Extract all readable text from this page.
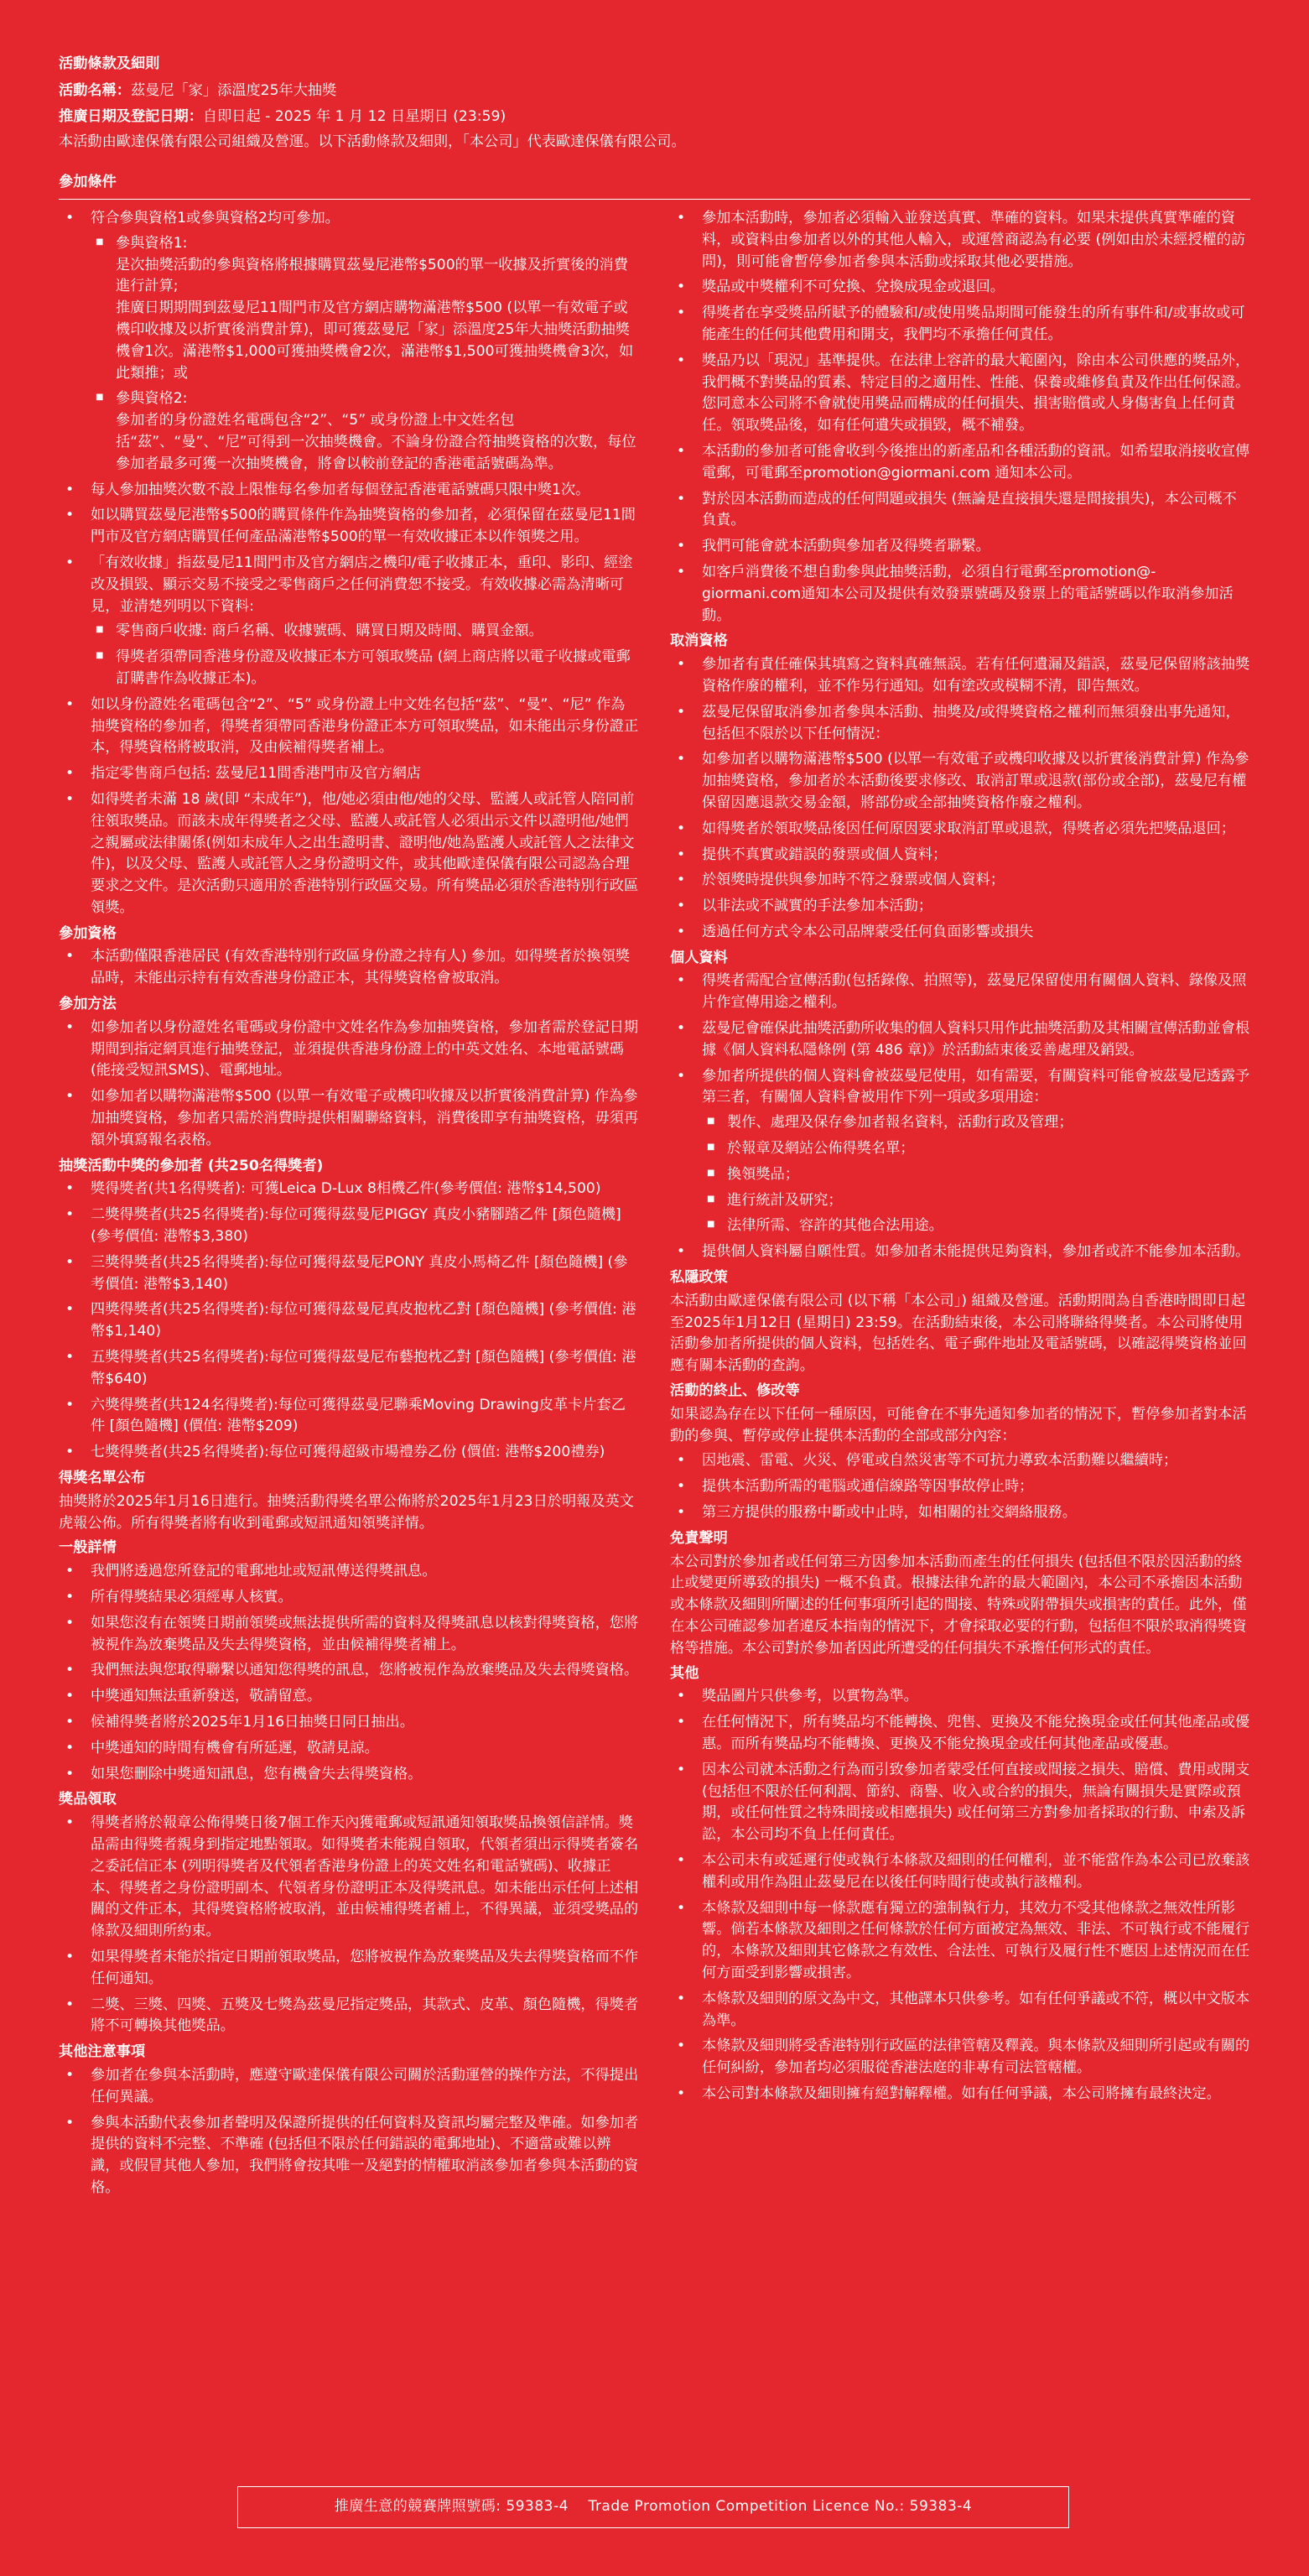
活動條款及細則

活動名稱：茲曼尼「家」添溫度25年大抽獎

推廣日期及登記日期：自即日起 - 2025 年 1 月 12 日星期日 (23:59)

本活動由歐達保儀有限公司組織及營運。以下活動條款及細則，「本公司」代表歐達保儀有限公司。

參加條件
• 符合參與資格1或參與資格2均可參加。
■ 參與資格1:
是次抽獎活動的參與資格將根據購買茲曼尼港幣$500的單一收據及折實後的消費進行計算;
推廣日期期間到茲曼尼11間門市及官方網店購物滿港幣$500 (以單一有效電子或機印收據及以折實後消費計算)，即可獲茲曼尼「家」添溫度25年大抽獎活動抽獎機會1次。滿港幣$1,000可獲抽獎機會2次，滿港幣$1,500可獲抽獎機會3次，如此類推；或
■ 參與資格2:
參加者的身份證姓名電碼包含“2”、“5” 或身份證上中文姓名包括“茲”、“曼”、“尼”可得到一次抽獎機會。不論身份證合符抽獎資格的次數，每位參加者最多可獲一次抽獎機會，將會以較前登記的香港電話號碼為準。
• 每人參加抽獎次數不設上限惟每名參加者每個登記香港電話號碼只限中獎1次。
• 如以購買茲曼尼港幣$500的購買條件作為抽獎資格的參加者，必須保留在茲曼尼11間門市及官方網店購買任何產品滿港幣$500的單一有效收據正本以作領獎之用。
• 「有效收據」指茲曼尼11間門市及官方網店之機印/電子收據正本，重印、影印、經塗改及損毀、顯示交易不接受之零售商戶之任何消費恕不接受。有效收據必需為清晰可見，並清楚列明以下資料:
■ 零售商戶收據: 商戶名稱、收據號碼、購買日期及時間、購買金額。
■ 得獎者須帶同香港身份證及收據正本方可領取獎品 (網上商店將以電子收據或電郵訂購書作為收據正本)。
• 如以身份證姓名電碼包含“2”、“5” 或身份證上中文姓名包括“茲”、“曼”、“尼” 作為抽獎資格的參加者，得獎者須帶同香港身份證正本方可領取獎品，如未能出示身份證正本，得獎資格將被取消，及由候補得獎者補上。
• 指定零售商戶包括: 茲曼尼11間香港門市及官方網店
• 如得獎者未滿 18 歲(即 “未成年”)，他/她必須由他/她的父母、監護人或託管人陪同前往領取獎品。而該未成年得獎者之父母、監護人或託管人必須出示文件以證明他/她們之親屬或法律關係(例如未成年人之出生證明書、證明他/她為監護人或託管人之法律文件)，以及父母、監護人或託管人之身份證明文件，或其他歐達保儀有限公司認為合理要求之文件。是次活動只適用於香港特別行政區交易。所有獎品必須於香港特別行政區領獎。
參加資格
• 本活動僅限香港居民 (有效香港特別行政區身份證之持有人) 參加。如得獎者於換領獎品時，未能出示持有有效香港身份證正本，其得獎資格會被取消。
參加方法
• 如參加者以身份證姓名電碼或身份證中文姓名作為參加抽獎資格，參加者需於登記日期期間到指定網頁進行抽獎登記，並須提供香港身份證上的中英文姓名、本地電話號碼(能接受短訊SMS)、電郵地址。
• 如參加者以購物滿港幣$500 (以單一有效電子或機印收據及以折實後消費計算) 作為參加抽獎資格，參加者只需於消費時提供相關聯絡資料，消費後即享有抽獎資格，毋須再額外填寫報名表格。
抽獎活動中獎的參加者 (共250名得獎者)
• 獎得獎者(共1名得獎者): 可獲Leica D-Lux 8相機乙件(參考價值: 港幣$14,500)
• 二獎得獎者(共25名得獎者):每位可獲得茲曼尼PIGGY 真皮小豬腳踏乙件 [顏色隨機] (參考價值: 港幣$3,380)
• 三獎得獎者(共25名得獎者):每位可獲得茲曼尼PONY 真皮小馬椅乙件 [顏色隨機] (參考價值: 港幣$3,140)
• 四獎得獎者(共25名得獎者):每位可獲得茲曼尼真皮抱枕乙對 [顏色隨機] (參考價值: 港幣$1,140)
• 五獎得獎者(共25名得獎者):每位可獲得茲曼尼布藝抱枕乙對 [顏色隨機] (參考價值: 港幣$640)
• 六獎得獎者(共124名得獎者):每位可獲得茲曼尼聯乘Moving Drawing皮革卡片套乙件 [顏色隨機] (價值: 港幣$209)
• 七獎得獎者(共25名得獎者):每位可獲得超級市場禮券乙份 (價值: 港幣$200禮券)
得獎名單公布

抽獎將於2025年1月16日進行。抽獎活動得獎名單公佈將於2025年1月23日於明報及英文虎報公佈。所有得獎者將有收到電郵或短訊通知領獎詳情。

一般詳情
• 我們將透過您所登記的電郵地址或短訊傳送得獎訊息。
• 所有得獎結果必須經專人核實。
• 如果您沒有在領獎日期前領獎或無法提供所需的資料及得獎訊息以核對得獎資格，您將被視作為放棄獎品及失去得獎資格，並由候補得獎者補上。
• 我們無法與您取得聯繫以通知您得獎的訊息，您將被視作為放棄獎品及失去得獎資格。
• 中獎通知無法重新發送，敬請留意。
• 候補得獎者將於2025年1月16日抽獎日同日抽出。
• 中獎通知的時間有機會有所延遲，敬請見諒。
• 如果您刪除中獎通知訊息，您有機會失去得獎資格。
獎品領取
• 得獎者將於報章公佈得獎日後7個工作天內獲電郵或短訊通知領取獎品換領信詳情。獎品需由得獎者親身到指定地點領取。如得獎者未能親自領取，代領者須出示得獎者簽名之委託信正本 (列明得獎者及代領者香港身份證上的英文姓名和電話號碼)、收據正本、得獎者之身份證明副本、代領者身份證明正本及得獎訊息。如未能出示任何上述相關的文件正本，其得獎資格將被取消，並由候補得獎者補上，不得異議，並須受獎品的條款及細則所約束。
• 如果得獎者未能於指定日期前領取獎品，您將被視作為放棄獎品及失去得獎資格而不作任何通知。
• 二獎、三獎、四獎、五獎及七獎為茲曼尼指定獎品，其款式、皮革、顏色隨機，得獎者將不可轉換其他獎品。
其他注意事項
• 參加者在參與本活動時，應遵守歐達保儀有限公司關於活動運營的操作方法，不得提出任何異議。
• 參與本活動代表參加者聲明及保證所提供的任何資料及資訊均屬完整及準確。如參加者提供的資料不完整、不準確 (包括但不限於任何錯誤的電郵地址)、不適當或難以辨識，或假冒其他人參加，我們將會按其唯一及絕對的情權取消該參加者參與本活動的資格。
• 參加本活動時，參加者必須輸入並發送真實、準確的資料。如果未提供真實準確的資料，或資料由參加者以外的其他人輸入，或運營商認為有必要 (例如由於未經授權的訪問)，則可能會暫停參加者參與本活動或採取其他必要措施。
• 獎品或中獎權利不可兌換、兌換成現金或退回。
• 得獎者在享受獎品所賦予的體驗和/或使用獎品期間可能發生的所有事件和/或事故或可能產生的任何其他費用和開支，我們均不承擔任何責任。
• 獎品乃以「現況」基準提供。在法律上容許的最大範圍內，除由本公司供應的獎品外，我們概不對獎品的質素、特定目的之適用性、性能、保養或維修負責及作出任何保證。您同意本公司將不會就使用獎品而構成的任何損失、損害賠償或人身傷害負上任何責任。領取獎品後，如有任何遺失或損毀，概不補發。
• 本活動的參加者可能會收到今後推出的新產品和各種活動的資訊。如希望取消接收宣傳電郵，可電郵至promotion@giormani.com 通知本公司。
• 對於因本活動而造成的任何問題或損失 (無論是直接損失還是間接損失)，本公司概不負責。
• 我們可能會就本活動與參加者及得獎者聯繫。
• 如客戶消費後不想自動參與此抽獎活動，必須自行電郵至promotion@-giormani.com通知本公司及提供有效發票號碼及發票上的電話號碼以作取消參加活動。
取消資格
• 參加者有責任確保其填寫之資料真確無誤。若有任何遺漏及錯誤，茲曼尼保留將該抽獎資格作廢的權利，並不作另行通知。如有塗改或模糊不清，即告無效。
• 茲曼尼保留取消參加者參與本活動、抽獎及/或得獎資格之權利而無須發出事先通知，包括但不限於以下任何情況：
• 如參加者以購物滿港幣$500 (以單一有效電子或機印收據及以折實後消費計算) 作為參加抽獎資格，參加者於本活動後要求修改、取消訂單或退款(部份或全部)，茲曼尼有權保留因應退款交易金額，將部份或全部抽獎資格作廢之權利。
• 如得獎者於領取獎品後因任何原因要求取消訂單或退款，得獎者必須先把獎品退回；
• 提供不真實或錯誤的發票或個人資料；
• 於領獎時提供與參加時不符之發票或個人資料；
• 以非法或不誠實的手法參加本活動；
• 透過任何方式令本公司品牌蒙受任何負面影響或損失
個人資料
• 得獎者需配合宣傳活動(包括錄像、拍照等)，茲曼尼保留使用有關個人資料、錄像及照片作宣傳用途之權利。
• 茲曼尼會確保此抽獎活動所收集的個人資料只用作此抽獎活動及其相關宣傳活動並會根據《個人資料私隱條例 (第 486 章)》於活動結束後妥善處理及銷毀。
• 參加者所提供的個人資料會被茲曼尼使用，如有需要，有關資料可能會被茲曼尼透露予第三者，有關個人資料會被用作下列一項或多項用途：
■ 製作、處理及保存參加者報名資料，活動行政及管理；
■ 於報章及網站公佈得獎名單；
■ 換領獎品；
■ 進行統計及研究；
■ 法律所需、容許的其他合法用途。
• 提供個人資料屬自願性質。如參加者未能提供足夠資料，參加者或許不能參加本活動。
私隱政策

本活動由歐達保儀有限公司 (以下稱「本公司」) 組織及營運。活動期間為自香港時間即日起至2025年1月12日 (星期日) 23:59。在活動結束後，本公司將聯絡得獎者。本公司將使用活動參加者所提供的個人資料，包括姓名、電子郵件地址及電話號碼，以確認得獎資格並回應有關本活動的查詢。

活動的終止、修改等

如果認為存在以下任何一種原因，可能會在不事先通知參加者的情況下，暫停參加者對本活動的參與、暫停或停止提供本活動的全部或部分內容：

• 因地震、雷電、火災、停電或自然災害等不可抗力導致本活動難以繼續時；
• 提供本活動所需的電腦或通信線路等因事故停止時；
• 第三方提供的服務中斷或中止時，如相關的社交網絡服務。
免責聲明

本公司對於參加者或任何第三方因參加本活動而產生的任何損失 (包括但不限於因活動的終止或變更所導致的損失) 一概不負責。根據法律允許的最大範圍內，本公司不承擔因本活動或本條款及細則所闡述的任何事項所引起的間接、特殊或附帶損失或損害的責任。此外，僅在本公司確認參加者違反本指南的情況下，才會採取必要的行動，包括但不限於取消得獎資格等措施。本公司對於參加者因此所遭受的任何損失不承擔任何形式的責任。

其他
• 獎品圖片只供參考，以實物為準。
• 在任何情況下，所有獎品均不能轉換、兜售、更換及不能兌換現金或任何其他產品或優惠。而所有獎品均不能轉換、更換及不能兌換現金或任何其他產品或優惠。
• 因本公司就本活動之行為而引致參加者蒙受任何直接或間接之損失、賠償、費用或開支 (包括但不限於任何利潤、節約、商譽、收入或合約的損失，無論有關損失是實際或預期，或任何性質之特殊間接或相應損失) 或任何第三方對參加者採取的行動、申索及訴訟，本公司均不負上任何責任。
• 本公司未有或延遲行使或執行本條款及細則的任何權利，並不能當作為本公司已放棄該權利或用作為阻止茲曼尼在以後任何時間行使或執行該權利。
• 本條款及細則中每一條款應有獨立的強制執行力，其效力不受其他條款之無效性所影響。倘若本條款及細則之任何條款於任何方面被定為無效、非法、不可執行或不能履行的，本條款及細則其它條款之有效性、合法性、可執行及履行性不應因上述情況而在任何方面受到影響或損害。
• 本條款及細則的原文為中文，其他譯本只供參考。如有任何爭議或不符，概以中文版本為準。
• 本條款及細則將受香港特別行政區的法律管轄及釋義。與本條款及細則所引起或有關的任何糾紛，參加者均必須服從香港法庭的非專有司法管轄權。
• 本公司對本條款及細則擁有絕對解釋權。如有任何爭議，本公司將擁有最終決定。
推廣生意的競賽牌照號碼: 59383-4    Trade Promotion Competition Licence No.: 59383-4
